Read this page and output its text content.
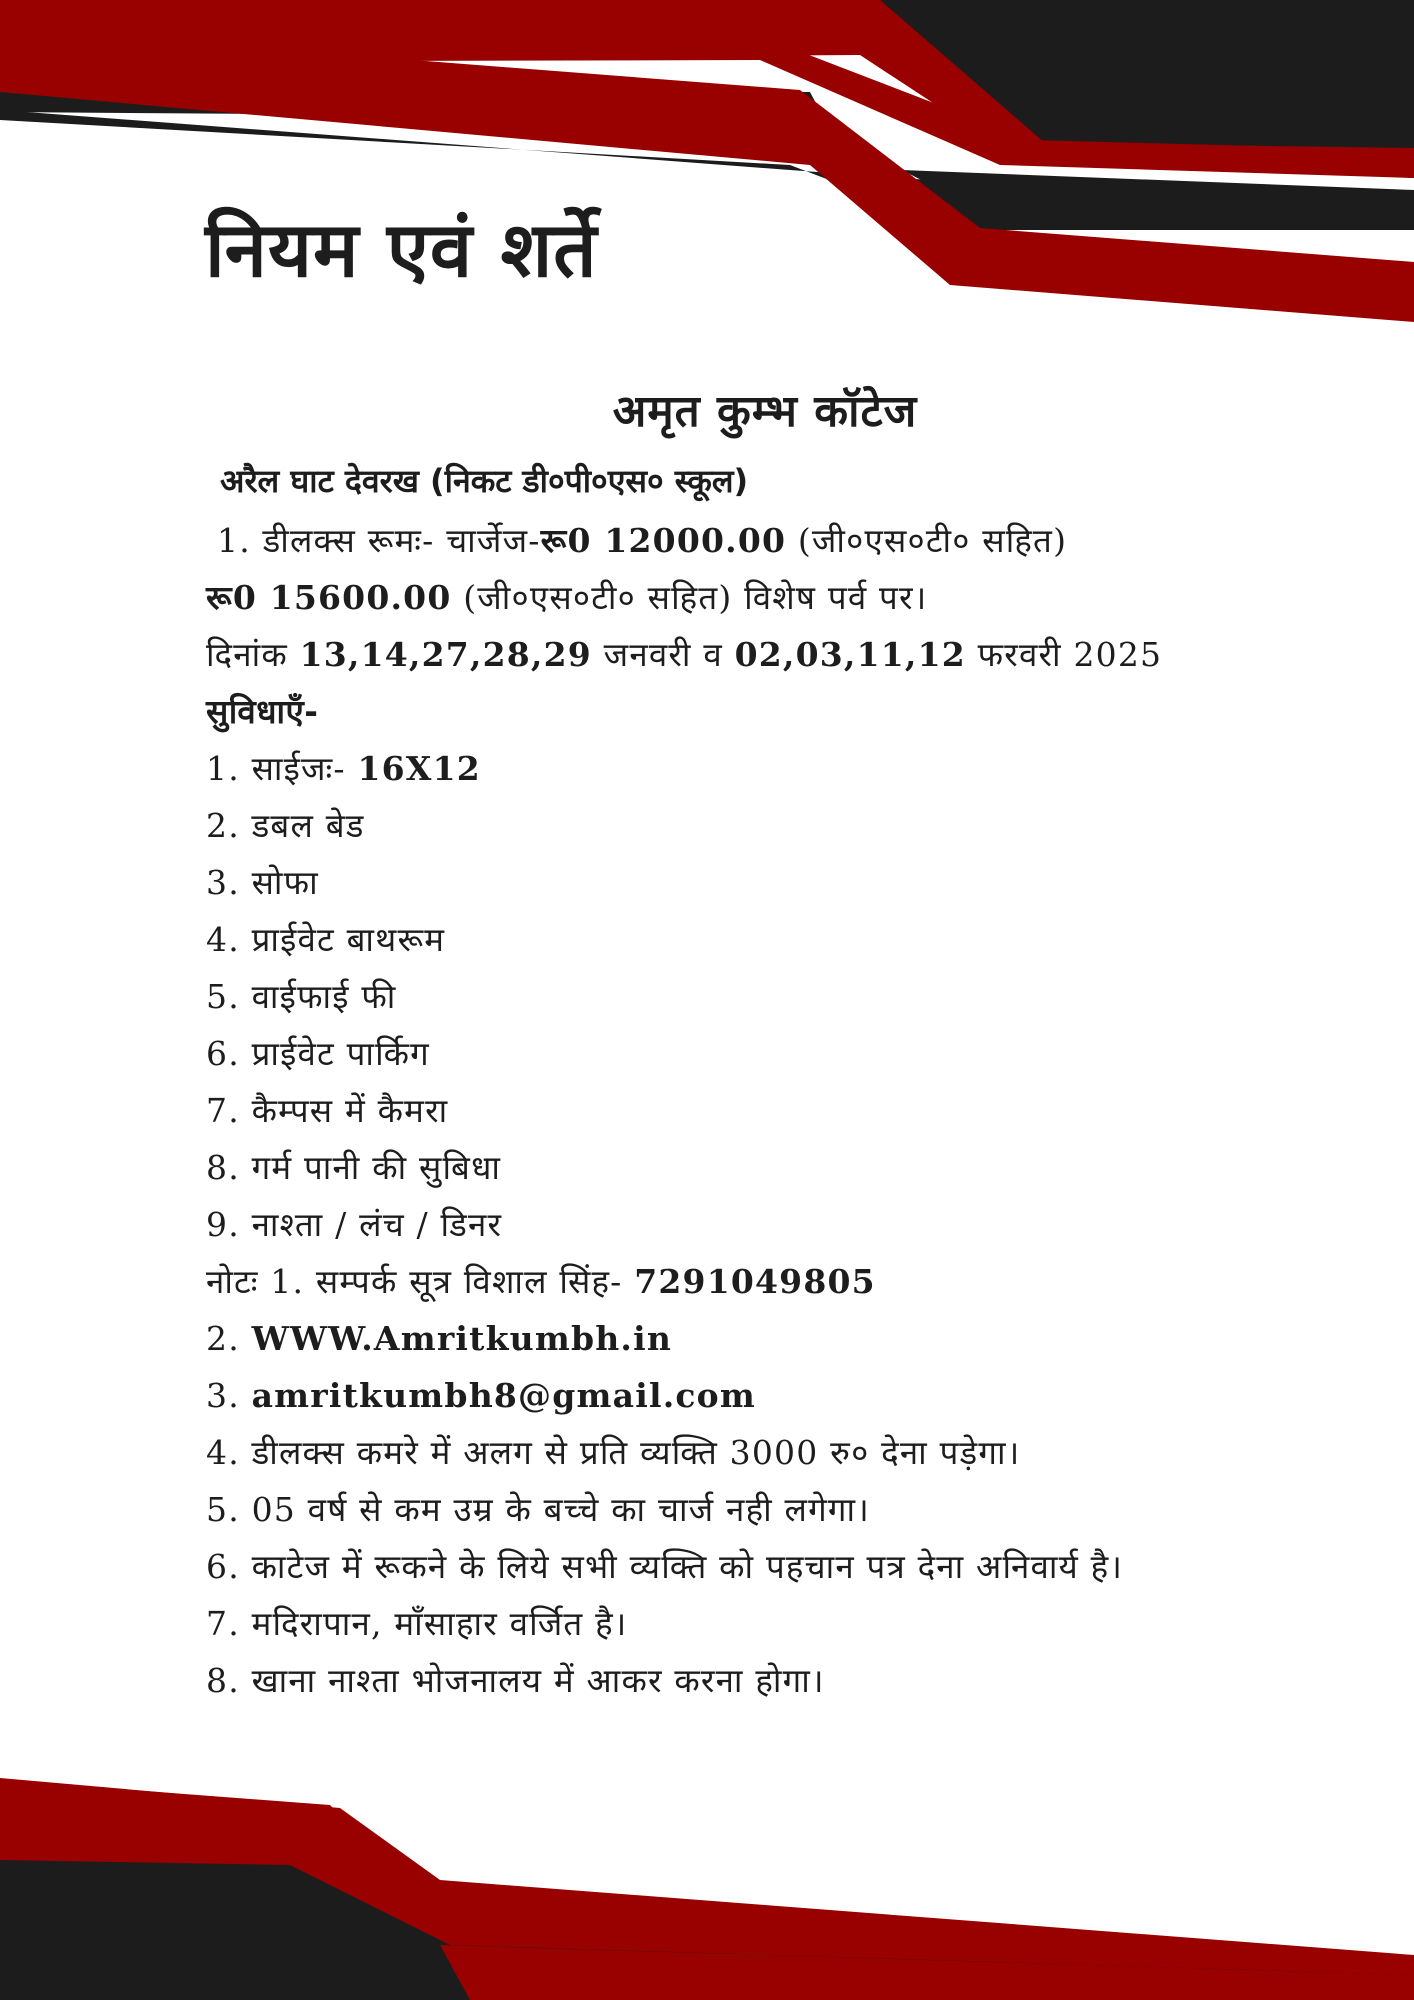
नियम एवं शर्ते
अमृत कुम्भ कॉटेज
अरैल घाट देवरख (निकट डी०पी०एस० स्कूल)
1. डीलक्स रूमः- चार्जेज-रू0 12000.00 (जी०एस०टी० सहित)
रू0 15600.00 (जी०एस०टी० सहित) विशेष पर्व पर।
दिनांक 13,14,27,28,29 जनवरी व 02,03,11,12 फरवरी 2025
सुविधाएँ-
1. साईजः- 16X12
2. डबल बेड
3. सोफा
4. प्राईवेट बाथरूम
5. वाईफाई फी
6. प्राईवेट पार्किग
7. कैम्पस में कैमरा
8. गर्म पानी की सुबिधा
9. नाश्ता / लंच / डिनर
नोटः 1. सम्पर्क सूत्र विशाल सिंह- 7291049805
2. WWW.Amritkumbh.in
3. amritkumbh8@gmail.com
4. डीलक्स कमरे में अलग से प्रति व्यक्ति 3000 रु० देना पड़ेगा।
5. 05 वर्ष से कम उम्र के बच्चे का चार्ज नही लगेगा।
6. काटेज में रूकने के लिये सभी व्यक्ति को पहचान पत्र देना अनिवार्य है।
7. मदिरापान, माँसाहार वर्जित है।
8. खाना नाश्ता भोजनालय में आकर करना होगा।
